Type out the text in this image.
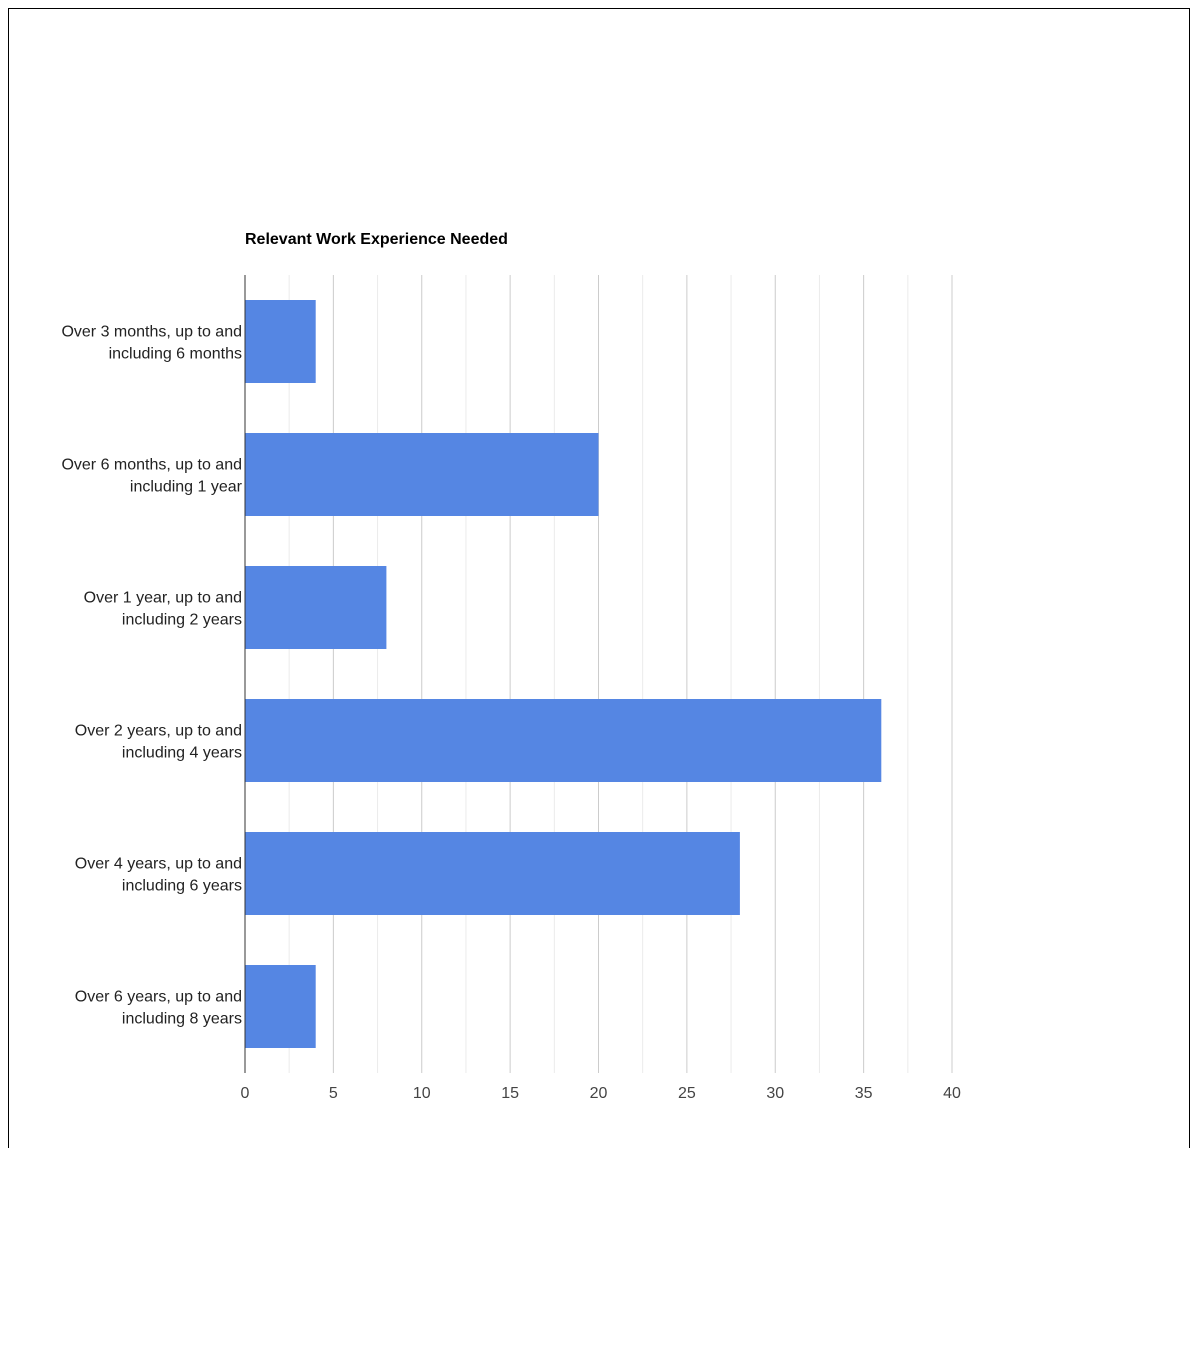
Relevant Work Experience Needed
Over 3 months, up to and including 6 months
Over 6 months, up to and including 1 year
Over 1 year, up to and including 2 years
Over 2 years, up to and including 4 years
Over 4 years, up to and including 6 years
Over 6 years, up to and including 8 years
0	5	10	15	20	25	30	35	40
